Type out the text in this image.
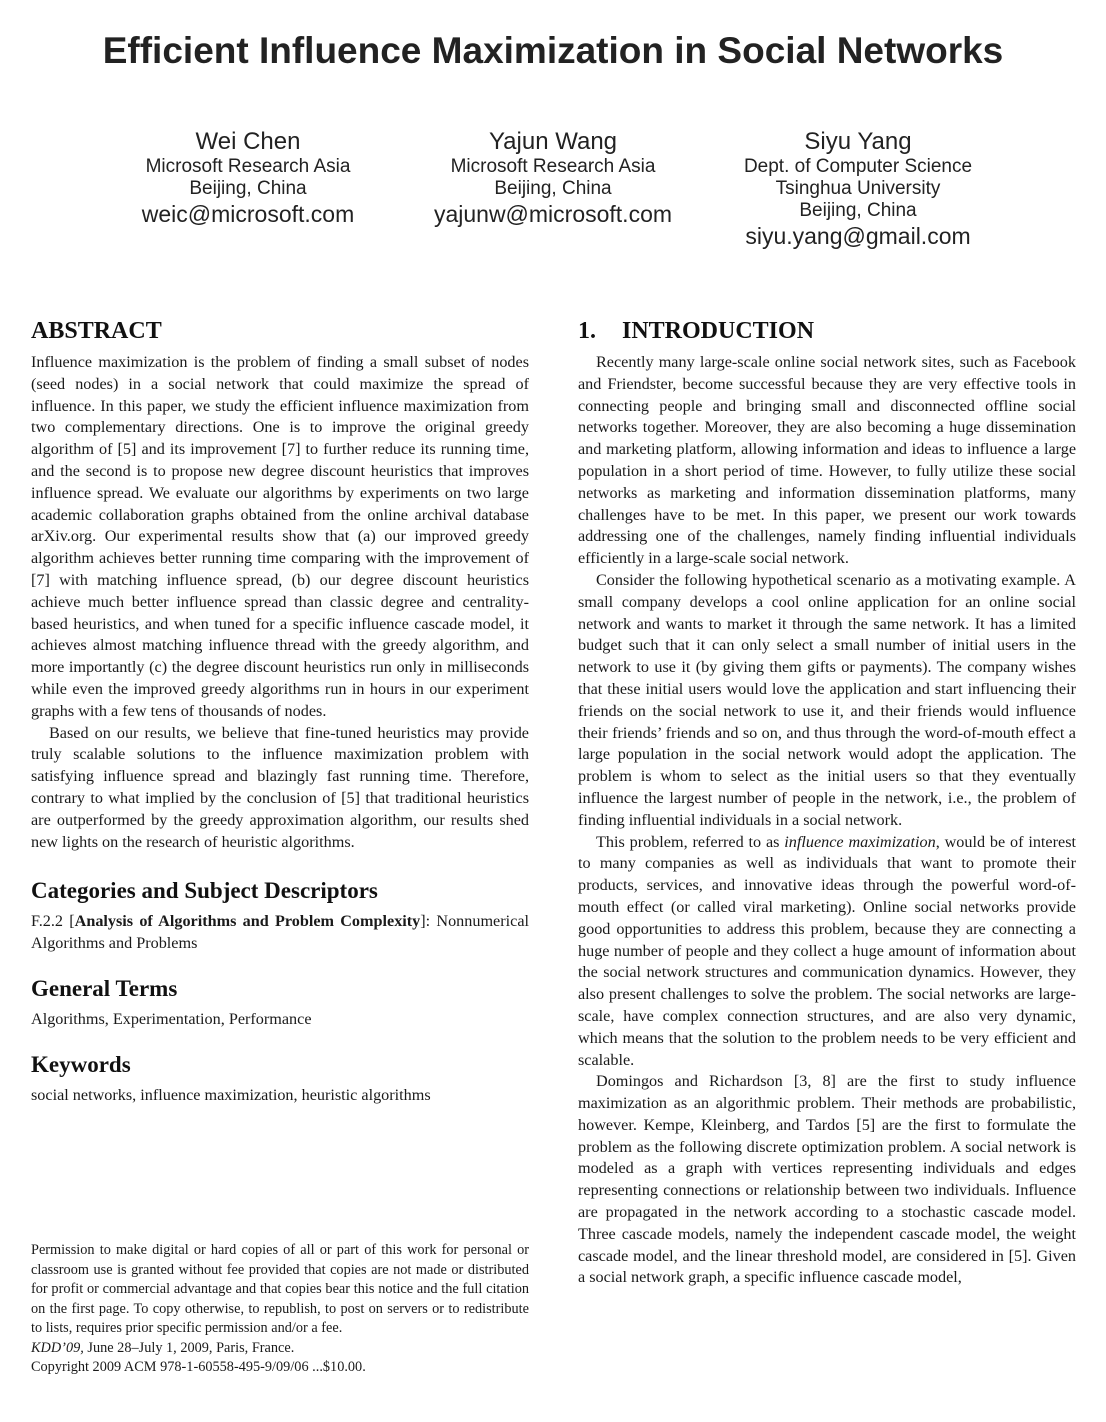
Efficient Influence Maximization in Social Networks
Wei Chen
Microsoft Research Asia
Beijing, China
weic@microsoft.com
Yajun Wang
Microsoft Research Asia
Beijing, China
yajunw@microsoft.com
Siyu Yang
Dept. of Computer Science
Tsinghua University
Beijing, China
siyu.yang@gmail.com
ABSTRACT

Influence maximization is the problem of finding a small subset of nodes (seed nodes) in a social network that could maximize the spread of influence. In this paper, we study the efficient influence maximization from two complementary directions. One is to improve the original greedy algorithm of [5] and its improvement [7] to further reduce its running time, and the second is to propose new degree discount heuristics that improves influence spread. We evaluate our algorithms by experiments on two large academic collaboration graphs obtained from the online archival database arXiv.org. Our experimental results show that (a) our improved greedy algorithm achieves better running time comparing with the improvement of [7] with matching influence spread, (b) our degree discount heuristics achieve much better influence spread than classic degree and centrality-based heuristics, and when tuned for a specific influence cascade model, it achieves almost matching influence thread with the greedy algorithm, and more importantly (c) the degree discount heuristics run only in milliseconds while even the improved greedy algorithms run in hours in our experiment graphs with a few tens of thousands of nodes.

Based on our results, we believe that fine-tuned heuristics may provide truly scalable solutions to the influence maximization problem with satisfying influence spread and blazingly fast running time. Therefore, contrary to what implied by the conclusion of [5] that traditional heuristics are outperformed by the greedy approximation algorithm, our results shed new lights on the research of heuristic algorithms.

Categories and Subject Descriptors

F.2.2 [Analysis of Algorithms and Problem Complexity]: Nonnumerical Algorithms and Problems

General Terms

Algorithms, Experimentation, Performance

Keywords

social networks, influence maximization, heuristic algorithms

Permission to make digital or hard copies of all or part of this work for personal or classroom use is granted without fee provided that copies are not made or distributed for profit or commercial advantage and that copies bear this notice and the full citation on the first page. To copy otherwise, to republish, to post on servers or to redistribute to lists, requires prior specific permission and/or a fee.

KDD’09, June 28–July 1, 2009, Paris, France.

Copyright 2009 ACM 978-1-60558-495-9/09/06 ...$10.00.

1. INTRODUCTION

Recently many large-scale online social network sites, such as Facebook and Friendster, become successful because they are very effective tools in connecting people and bringing small and disconnected offline social networks together. Moreover, they are also becoming a huge dissemination and marketing platform, allowing information and ideas to influence a large population in a short period of time. However, to fully utilize these social networks as marketing and information dissemination platforms, many challenges have to be met. In this paper, we present our work towards addressing one of the challenges, namely finding influential individuals efficiently in a large-scale social network.

Consider the following hypothetical scenario as a motivating example. A small company develops a cool online application for an online social network and wants to market it through the same network. It has a limited budget such that it can only select a small number of initial users in the network to use it (by giving them gifts or payments). The company wishes that these initial users would love the application and start influencing their friends on the social network to use it, and their friends would influence their friends’ friends and so on, and thus through the word-of-mouth effect a large population in the social network would adopt the application. The problem is whom to select as the initial users so that they eventually influence the largest number of people in the network, i.e., the problem of finding influential individuals in a social network.

This problem, referred to as influence maximization, would be of interest to many companies as well as individuals that want to promote their products, services, and innovative ideas through the powerful word-of-mouth effect (or called viral marketing). Online social networks provide good opportunities to address this problem, because they are connecting a huge number of people and they collect a huge amount of information about the social network structures and communication dynamics. However, they also present challenges to solve the problem. The social networks are large-scale, have complex connection structures, and are also very dynamic, which means that the solution to the problem needs to be very efficient and scalable.

Domingos and Richardson [3, 8] are the first to study influence maximization as an algorithmic problem. Their methods are probabilistic, however. Kempe, Kleinberg, and Tardos [5] are the first to formulate the problem as the following discrete optimization problem. A social network is modeled as a graph with vertices representing individuals and edges representing connections or relationship between two individuals. Influence are propagated in the network according to a stochastic cascade model. Three cascade models, namely the independent cascade model, the weight cascade model, and the linear threshold model, are considered in [5]. Given a social network graph, a specific influence cascade model,
